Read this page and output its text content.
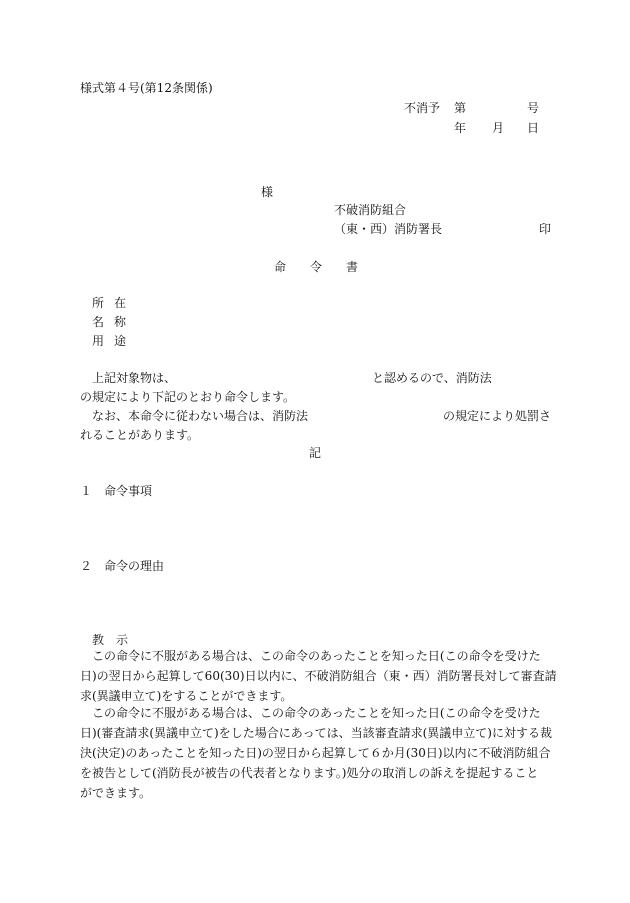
様式第４号(第12条関係)
不消予 第	号
年 月 日
様
不破消防組合
（東・西）消防署長	印
命 令 書
所 在
名 称
用 途
上記対象物は、	と認めるので、消防法
の規定により下記のとおり命令します。
なお、本命令に従わない場合は、消防法	の規定により処罰さ
れることがあります。
記
１　命令事項
２　命令の理由
教　示
この命令に不服がある場合は、この命令のあったことを知った日(この命令を受けた
日)の翌日から起算して60(30)日以内に、不破消防組合（東・西）消防署長対して審査請
求(異議申立て)をすることができます。
この命令に不服がある場合は、この命令のあったことを知った日(この命令を受けた
日)(審査請求(異議申立て)をした場合にあっては、当該審査請求(異議申立て)に対する裁
決(決定)のあったことを知った日)の翌日から起算して６か月(30日)以内に不破消防組合
を被告として(消防長が被告の代表者となります。)処分の取消しの訴えを提起すること
ができます。
